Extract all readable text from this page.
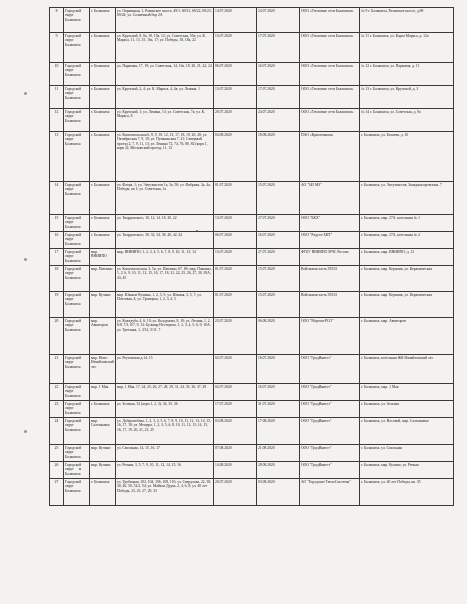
8	Городской округ Балашиха	г. Балашиха	ул. Окраинная, 1, Разинское шоссе, 49/1, 69/21, 69/22, 69/23, 69/24; ул. Солнечный бор 2А	14.07.2020	24.07.2020	ООО «Тепловые сети Балашихи»	№ 9 г. Балашиха, Разинское шоссе, д.69
9	Городской округ Балашиха	г. Балашиха	ул. Крупской, 8, 8а, 10, 10а, 12; ул. Советская, 55а; ул. К. Маркса, 11, 13, 15, 16а, 17; ул. Победы, 18, 18а, 22	13.07.2020	17.07.2020	ООО «Тепловые сети Балашихи»	№ 11 г. Балашиха, ул. Карла Маркса, д. 12а
10	Городской округ Балашиха	г. Балашиха	ул. Парковая, 17, 19; ул. Советская, 14, 16а, 18, 20, 21, 22, 24	06.07.2020	16.07.2020	ООО «Тепловые сети Балашихи»	№ 12 г. Балашиха, ул. Парковая, д. 11
11	Городской округ Балашиха	г. Балашиха	ул. Крупской, 2, 4; ул. К. Маркса, 4, 4а; ул. Ленина, 1	13.07.2020	17.07.2020	ООО «Тепловые сети Балашихи»	№ 13 г. Балашиха, ул. Крупской, д. 3
12	Городской округ Балашиха	г. Балашиха	ул. Крупской, 1; ул. Ленина, 13; ул. Советская, 7а; ул. К. Маркса, 8	20.07.2020	24.07.2020	ООО «Тепловые сети Балашихи»	№ 14 г. Балашиха, ул. Советская, д. 9а
13	Городской округ Балашиха	г. Балашиха	ул. Комсомольская 6, 8, 9, 10, 12, 13, 17, 18, 19, 20, 28; ул. Октябрьская 7, 9, 10; ул. Пушкинская 7, 21; Северный проезд 2, 7, 9, 11, 13; ул. Ленина 72, 74, 76, 80, 82 (корп 1, корп 2); Московский проезд, 11, 13	04.08.2020	18.08.2020	ПАО «Криогенмаш»	г. Балашиха, ул. Беляева, д. 10
14	Городской округ Балашиха	г. Балашиха	ул. Флора, 1; ул. Энтузиастов 1а, 3а, 50; ул. Фабрика, 2а, 4а, Победы, кв 1; ул. Советская, 1а	01.07.2020	15.07.2020	АО "345 МЗ"	г. Балашиха, ул. Энтузиастов, Западная промзона, 7
15	Городской округ Балашиха	г. Балашиха	ул. Твардовского, 10, 12, 14, 18, 20, 22	13.07.2020	27.07.2020	ООО "БКХ"	г. Балашиха, мкр. 27А, котельная № 1
16	Городской округ Балашиха	г. Балашиха	ул. Твардовского, 30, 32, 34, 38, 40, 42, 44	06.07.2020	16.07.2020	ООО "Радуга-ХИТ"	г. Балашиха, мкр. 27А, котельная № 2
17	Городской округ Балашиха	мкр. ВНИИПО	мкр. ВНИИПО, 1, 2, 3, 4, 5, 6, 7, 8, 9, 10, 11, 13, 14	13.07.2020	27.07.2020	ФГБУ ВНИИПО МЧС России	г. Балашиха, мкр. ВНИИПО, д. 12
18	Городской округ Балашиха	мкр. Павлино	ул. Комсомольская, 3, 5а; ул. Павлино, 67, 69; мкр. Павлино, 1, 2, 6, 9, 10, 11, 12, 15, 16, 17, 18, 21, 22, 25, 26, 27, 30, 39А, 43, 45	01.07.2020	15.07.2020	Войсковая часть 35533	г. Балашиха, мкр. Керамик, ул. Керамическая
19	Городской округ Балашиха	мкр. Кучино	мкр. Южные Кучины, 1, 2, 3, 5; ул. Южная, 3, 5, 7; ул. Почтовая, 4; ул. Троицкая, 1, 2, 3, 4, 5	01.07.2020	15.07.2020	Войсковая часть 35533	г. Балашиха, мкр. Керамик, ул. Керамическая
20	Городской округ Балашиха	мкр. Авиаторов	ул. Кожедуба, 4, 6, 10; ул. Колдунова, 8, 10; ул. Летная, 1, 2, 6/8, 7/3, 8/7, 9, 12; Бульвар Нестерова, 1, 2, 3, 4, 5, 6, 9, 10А; ул. Третьяка, 1, 3/12, 5/11, 7	23.07.2020	06.08.2020	ООО "Мортон-РСО"	г. Балашиха, мкр. Авиаторов
21	Городской округ Балашиха	мкр. Ново-Измайловский лес	ул. Реутовская д.14, 15	02.07.2020	16.07.2020	ООО "ГрадИнвест"	г. Балашиха, котельная ЖК Измайловский лес
22	Городской округ Балашиха	мкр. 1 Мая	мкр. 1 Мая, 17, 24, 25, 26, 27, 28, 29, 31, 34, 35, 36, 37, 38	02.07.2020	16.07.2020	ООО "ГрадИнвест"	г. Балашиха, мкр. 1 Мая
23	Городской округ Балашиха	г. Балашиха	ул. Зеленая, 32 (корп 1, 2, 3), 34, 35, 36	17.07.2020	31.07.2020	ООО "ГрадИнвест"	г. Балашиха, ул. Зеленая
24	Городской округ Балашиха	мкр. Салтыковка	ул. Добролюбова, 1, 2, 3, 4, 5, 6, 7, 8, 9, 10, 11, 12, 13, 14, 15, 16, 17, 18; ул. Мещера, 1, 2, 3, 5, 6, 8, 10, 11, 12, 13, 14, 15, 16, 17, 19, 20, 21, 23, 25	03.08.2020	17.08.2020	ООО "ГрадИнвест"	г. Балашиха, ул. Носовой, мкр. Салтыковка
25	Городской округ Балашиха	мкр. Кучино	ул. Смольная, 14, 15, 16, 17	07.08.2020	21.08.2020	ООО "ГрадИнвест"	г. Балашиха, ул. Смольная
26	Городской округ Балашиха	мкр. Кучино	ул. Речная, 3, 5, 7, 9, 10, 11, 12, 14, 15, 16	14.08.2020	28.08.2020	ООО "ГрадИнвест"	г. Балашиха, мкр. Кучино, ул. Речная
27	Городской округ Балашиха	г. Балашиха	ул. Трубецкая, 102, 104, 106, 108, 110; ул. Свердлова, 22, 38, 40, 46, 50, 52/2, 54; ул. Майкла Дудка, 2, 4, 6, 8; ул. 40 лет Победы, 23, 25, 27, 29, 33	20.07.2020	03.08.2020	АО "Городские ТеплоСистемы"	г. Балашиха, ул. 40 лет Победы, кв. 35
